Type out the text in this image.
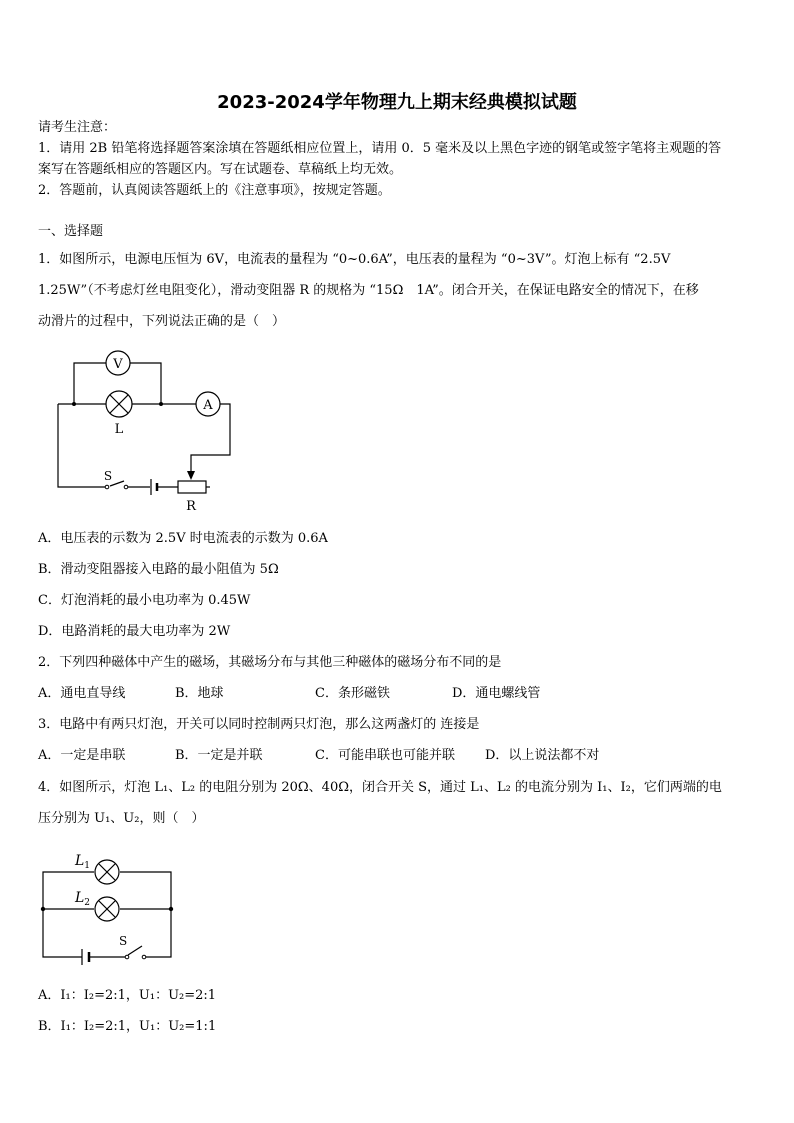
2023-2024学年物理九上期末经典模拟试题
请考生注意：
1．请用 2B 铅笔将选择题答案涂填在答题纸相应位置上，请用 0．5 毫米及以上黑色字迹的钢笔或签字笔将主观题的答
案写在答题纸相应的答题区内。写在试题卷、草稿纸上均无效。
2．答题前，认真阅读答题纸上的《注意事项》，按规定答题。
一、选择题
1．如图所示，电源电压恒为 6V，电流表的量程为 “0~0.6A”，电压表的量程为 “0~3V”。灯泡上标有 “2.5V
1.25W”（不考虑灯丝电阻变化），滑动变阻器 R 的规格为 “15Ω　1A”。闭合开关，在保证电路安全的情况下，在移
动滑片的过程中，下列说法正确的是（　）
V
A
L
S
R
A．电压表的示数为 2.5V 时电流表的示数为 0.6A
B．滑动变阻器接入电路的最小阻值为 5Ω
C．灯泡消耗的最小电功率为 0.45W
D．电路消耗的最大电功率为 2W
2．下列四种磁体中产生的磁场，其磁场分布与其他三种磁体的磁场分布不同的是
A．通电直导线	B．地球	C．条形磁铁	D．通电螺线管
3．电路中有两只灯泡，开关可以同时控制两只灯泡，那么这两盏灯的 连接是
A．一定是串联	B．一定是并联	C．可能串联也可能并联 D．以上说法都不对
4．如图所示，灯泡 L₁、L₂ 的电阻分别为 20Ω、40Ω，闭合开关 S，通过 L₁、L₂ 的电流分别为 I₁、I₂，它们两端的电
压分别为 U₁、U₂，则（　）
$L_1$
$L_2$
S
A．I₁：I₂=2:1，U₁：U₂=2:1
B．I₁：I₂=2:1，U₁：U₂=1:1
